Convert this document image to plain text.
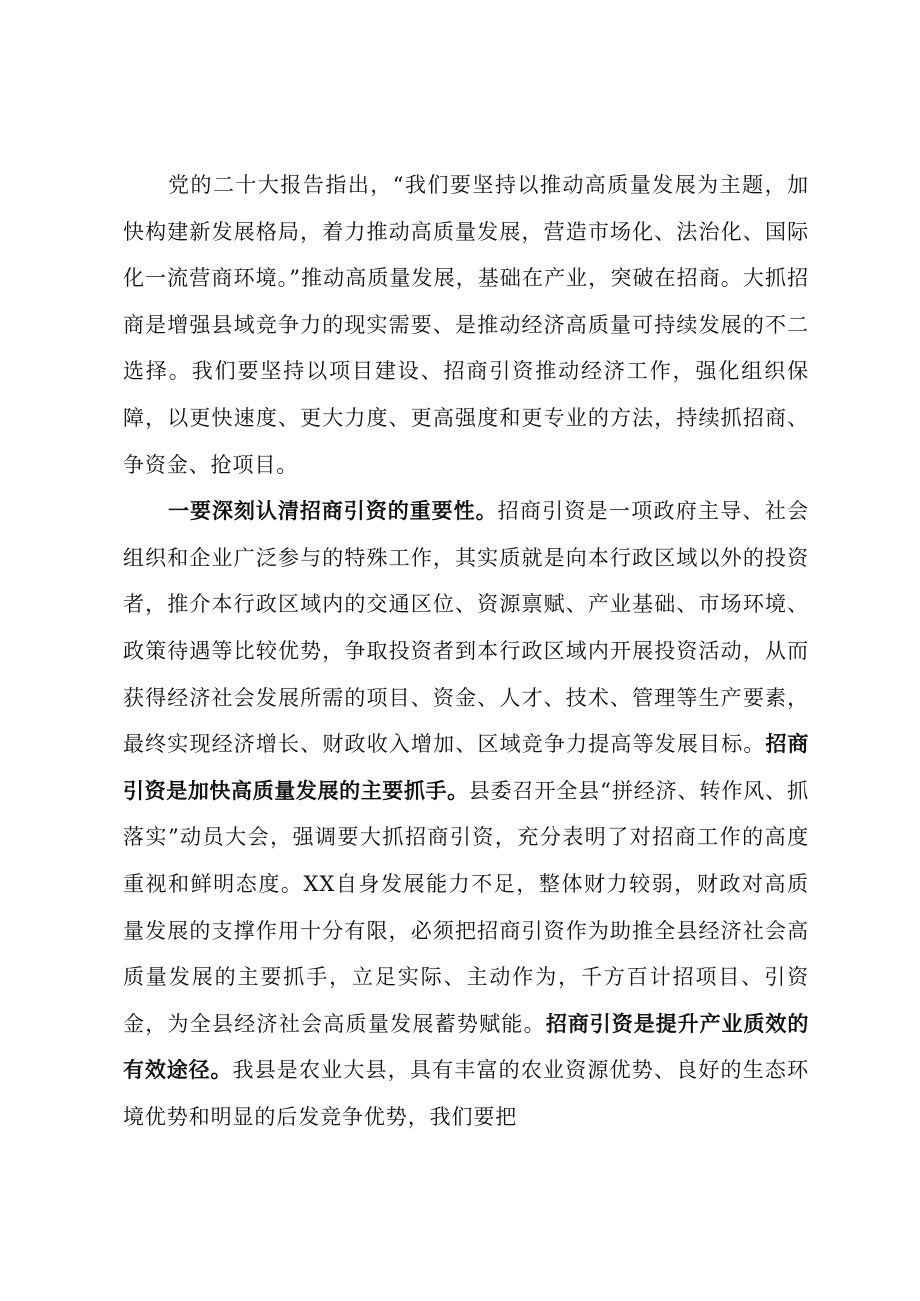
党的二十大报告指出，“我们要坚持以推动高质量发展为主题，加快构建新发展格局，着力推动高质量发展，营造市场化、法治化、国际化一流营商环境。”推动高质量发展，基础在产业，突破在招商。大抓招商是增强县域竞争力的现实需要、是推动经济高质量可持续发展的不二选择。我们要坚持以项目建设、招商引资推动经济工作，强化组织保障，以更快速度、更大力度、更高强度和更专业的方法，持续抓招商、争资金、抢项目。

一要深刻认清招商引资的重要性。招商引资是一项政府主导、社会组织和企业广泛参与的特殊工作，其实质就是向本行政区域以外的投资者，推介本行政区域内的交通区位、资源禀赋、产业基础、市场环境、政策待遇等比较优势，争取投资者到本行政区域内开展投资活动，从而获得经济社会发展所需的项目、资金、人才、技术、管理等生产要素，最终实现经济增长、财政收入增加、区域竞争力提高等发展目标。招商引资是加快高质量发展的主要抓手。县委召开全县“拼经济、转作风、抓落实”动员大会，强调要大抓招商引资，充分表明了对招商工作的高度重视和鲜明态度。XX自身发展能力不足，整体财力较弱，财政对高质量发展的支撑作用十分有限，必须把招商引资作为助推全县经济社会高质量发展的主要抓手，立足实际、主动作为，千方百计招项目、引资金，为全县经济社会高质量发展蓄势赋能。招商引资是提升产业质效的有效途径。我县是农业大县，具有丰富的农业资源优势、良好的生态环境优势和明显的后发竞争优势，我们要把
